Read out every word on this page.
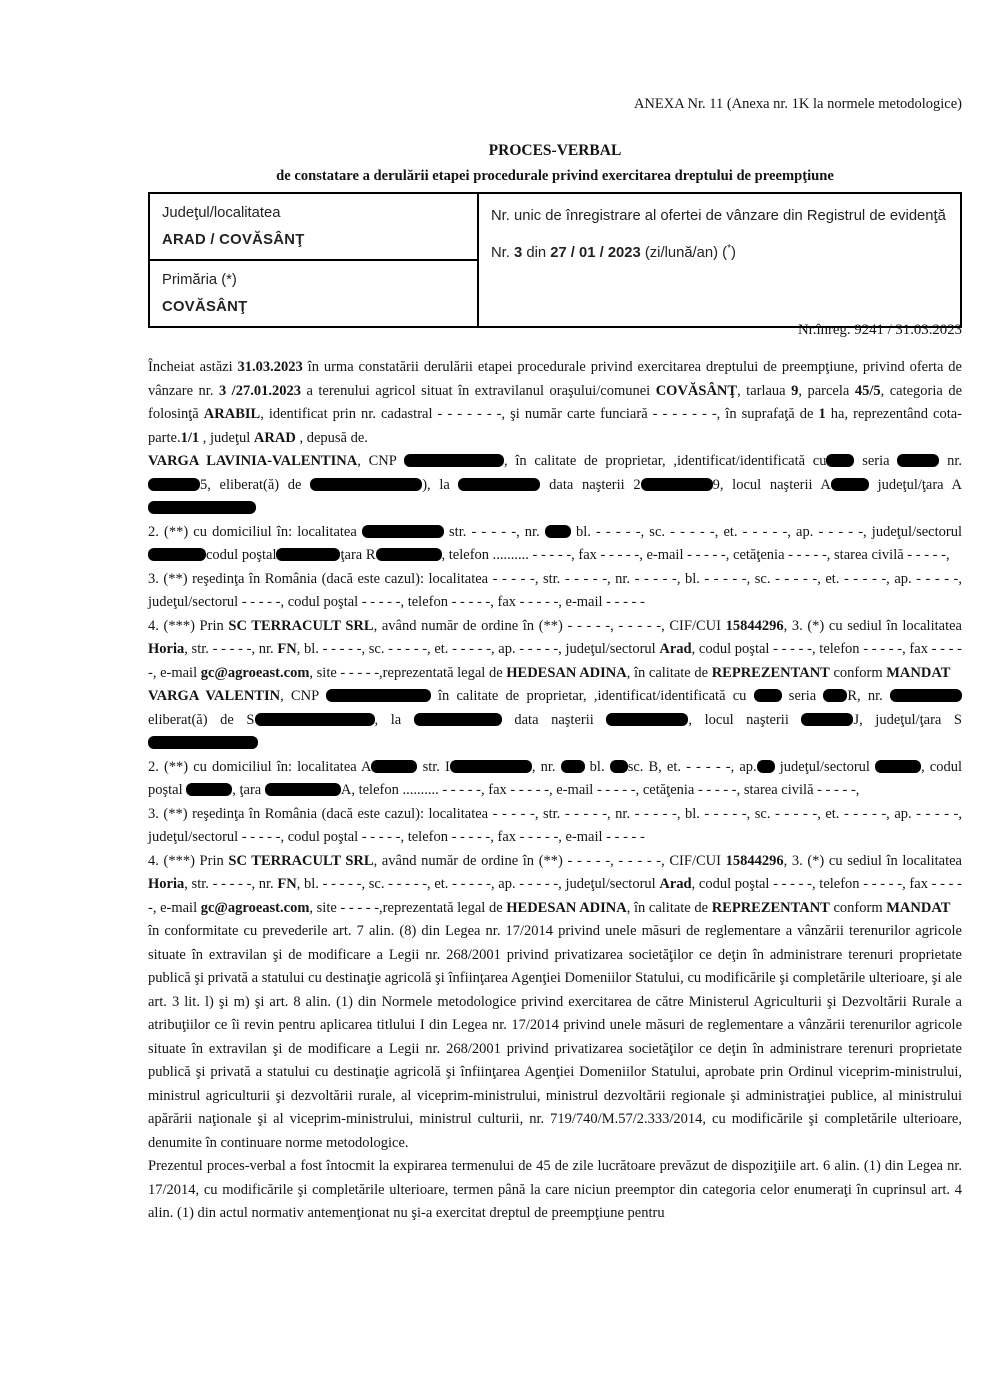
ANEXA Nr. 11 (Anexa nr. 1K la normele metodologice)
PROCES-VERBAL
de constatare a derulării etapei procedurale privind exercitarea dreptului de preempţiune
Judeţul/localitatea
ARAD / COVĂSÂNŢ

Nr. unic de înregistrare al ofertei de vânzare din Registrul de evidenţă
Nr. 3 din 27 / 01 / 2023 (zi/lună/an) (*)

Primăria (*)
COVĂSÂNŢ
Nr.înreg. 9241 / 31.03.2023

Încheiat astăzi 31.03.2023 în urma constatării derulării etapei procedurale privind exercitarea dreptului de preempţiune, privind oferta de vânzare nr. 3 /27.01.2023 a terenului agricol situat în extravilanul oraşului/comunei COVĂSÂNŢ, tarlaua 9, parcela 45/5, categoria de folosinţă ARABIL, identificat prin nr. cadastral - - - - - - -, şi număr carte funciară - - - - - - -, în suprafaţă de 1 ha, reprezentând cota-parte.1/1 , judeţul ARAD , depusă de.

VARGA LAVINIA-VALENTINA, CNP	, în calitate de proprietar, ,identificat/identificată cu seria	nr. 5, eliberat(ă) de	), la	data naşterii 2	9, locul naşterii A	judeţul/ţara A

2. (**) cu domiciliul în: localitatea	str. - - - - -, nr.  bl. - - - - -, sc. - - - - -, et. - - - - -, ap. - - - - -, judeţul/sectorul codul poştal	ţara R	, telefon .......... - - - - -, fax - - - - -, e-mail - - - - -, cetăţenia - - - - -, starea civilă - - - - -,

3. (**) reşedinţa în România (dacă este cazul): localitatea - - - - -, str. - - - - -, nr. - - - - -, bl. - - - - -, sc. - - - - -, et. - - - - -, ap. - - - - -, judeţul/sectorul - - - - -, codul poştal - - - - -, telefon - - - - -, fax - - - - -, e-mail - - - - -

4. (***) Prin SC TERRACULT SRL, având număr de ordine în (**) - - - - -, - - - - -, CIF/CUI 15844296, 3. (*) cu sediul în localitatea Horia, str. - - - - -, nr. FN, bl. - - - - -, sc. - - - - -, et. - - - - -, ap. - - - - -, judeţul/sectorul Arad, codul poştal - - - - -, telefon - - - - -, fax - - - - -, e-mail gc@agroeast.com, site - - - - -,reprezentată legal de HEDESAN ADINA, în calitate de REPREZENTANT conform MANDAT

VARGA VALENTIN, CNP	în calitate de proprietar, ,identificat/identificată cu  seria R, nr.  eliberat(ă) de S	, la	data naşterii	, locul naşterii	J, judeţul/ţara S

2. (**) cu domiciliul în: localitatea A	str. I	, nr.  bl. sc. B, et. - - - - -, ap. judeţul/sectorul	, codul poştal	, ţara	A, telefon .......... - - - - -, fax - - - - -, e-mail - - - - -, cetăţenia - - - - -, starea civilă - - - - -,

3. (**) reşedinţa în România (dacă este cazul): localitatea - - - - -, str. - - - - -, nr. - - - - -, bl. - - - - -, sc. - - - - -, et. - - - - -, ap. - - - - -, judeţul/sectorul - - - - -, codul poştal - - - - -, telefon - - - - -, fax - - - - -, e-mail - - - - -

4. (***) Prin SC TERRACULT SRL, având număr de ordine în (**) - - - - -, - - - - -, CIF/CUI 15844296, 3. (*) cu sediul în localitatea Horia, str. - - - - -, nr. FN, bl. - - - - -, sc. - - - - -, et. - - - - -, ap. - - - - -, judeţul/sectorul Arad, codul poştal - - - - -, telefon - - - - -, fax - - - - -, e-mail gc@agroeast.com, site - - - - -,reprezentată legal de HEDESAN ADINA, în calitate de REPREZENTANT conform MANDAT

în conformitate cu prevederile art. 7 alin. (8) din Legea nr. 17/2014 privind unele măsuri de reglementare a vânzării terenurilor agricole situate în extravilan şi de modificare a Legii nr. 268/2001 privind privatizarea societăţilor ce deţin în administrare terenuri proprietate publică şi privată a statului cu destinaţie agricolă şi înfiinţarea Agenţiei Domeniilor Statului, cu modificările şi completările ulterioare, şi ale art. 3 lit. l) şi m) şi art. 8 alin. (1) din Normele metodologice privind exercitarea de către Ministerul Agriculturii şi Dezvoltării Rurale a atribuţiilor ce îi revin pentru aplicarea titlului I din Legea nr. 17/2014 privind unele măsuri de reglementare a vânzării terenurilor agricole situate în extravilan şi de modificare a Legii nr. 268/2001 privind privatizarea societăţilor ce deţin în administrare terenuri proprietate publică şi privată a statului cu destinaţie agricolă şi înfiinţarea Agenţiei Domeniilor Statului, aprobate prin Ordinul viceprim-ministrului, ministrul agriculturii şi dezvoltării rurale, al viceprim-ministrului, ministrul dezvoltării regionale şi administraţiei publice, al ministrului apărării naţionale şi al viceprim-ministrului, ministrul culturii, nr. 719/740/M.57/2.333/2014, cu modificările şi completările ulterioare, denumite în continuare norme metodologice.

Prezentul proces-verbal a fost întocmit la expirarea termenului de 45 de zile lucrătoare prevăzut de dispoziţiile art. 6 alin. (1) din Legea nr. 17/2014, cu modificările şi completările ulterioare, termen până la care niciun preemptor din categoria celor enumeraţi în cuprinsul art. 4 alin. (1) din actul normativ antemenţionat nu şi-a exercitat dreptul de preempţiune pentru
